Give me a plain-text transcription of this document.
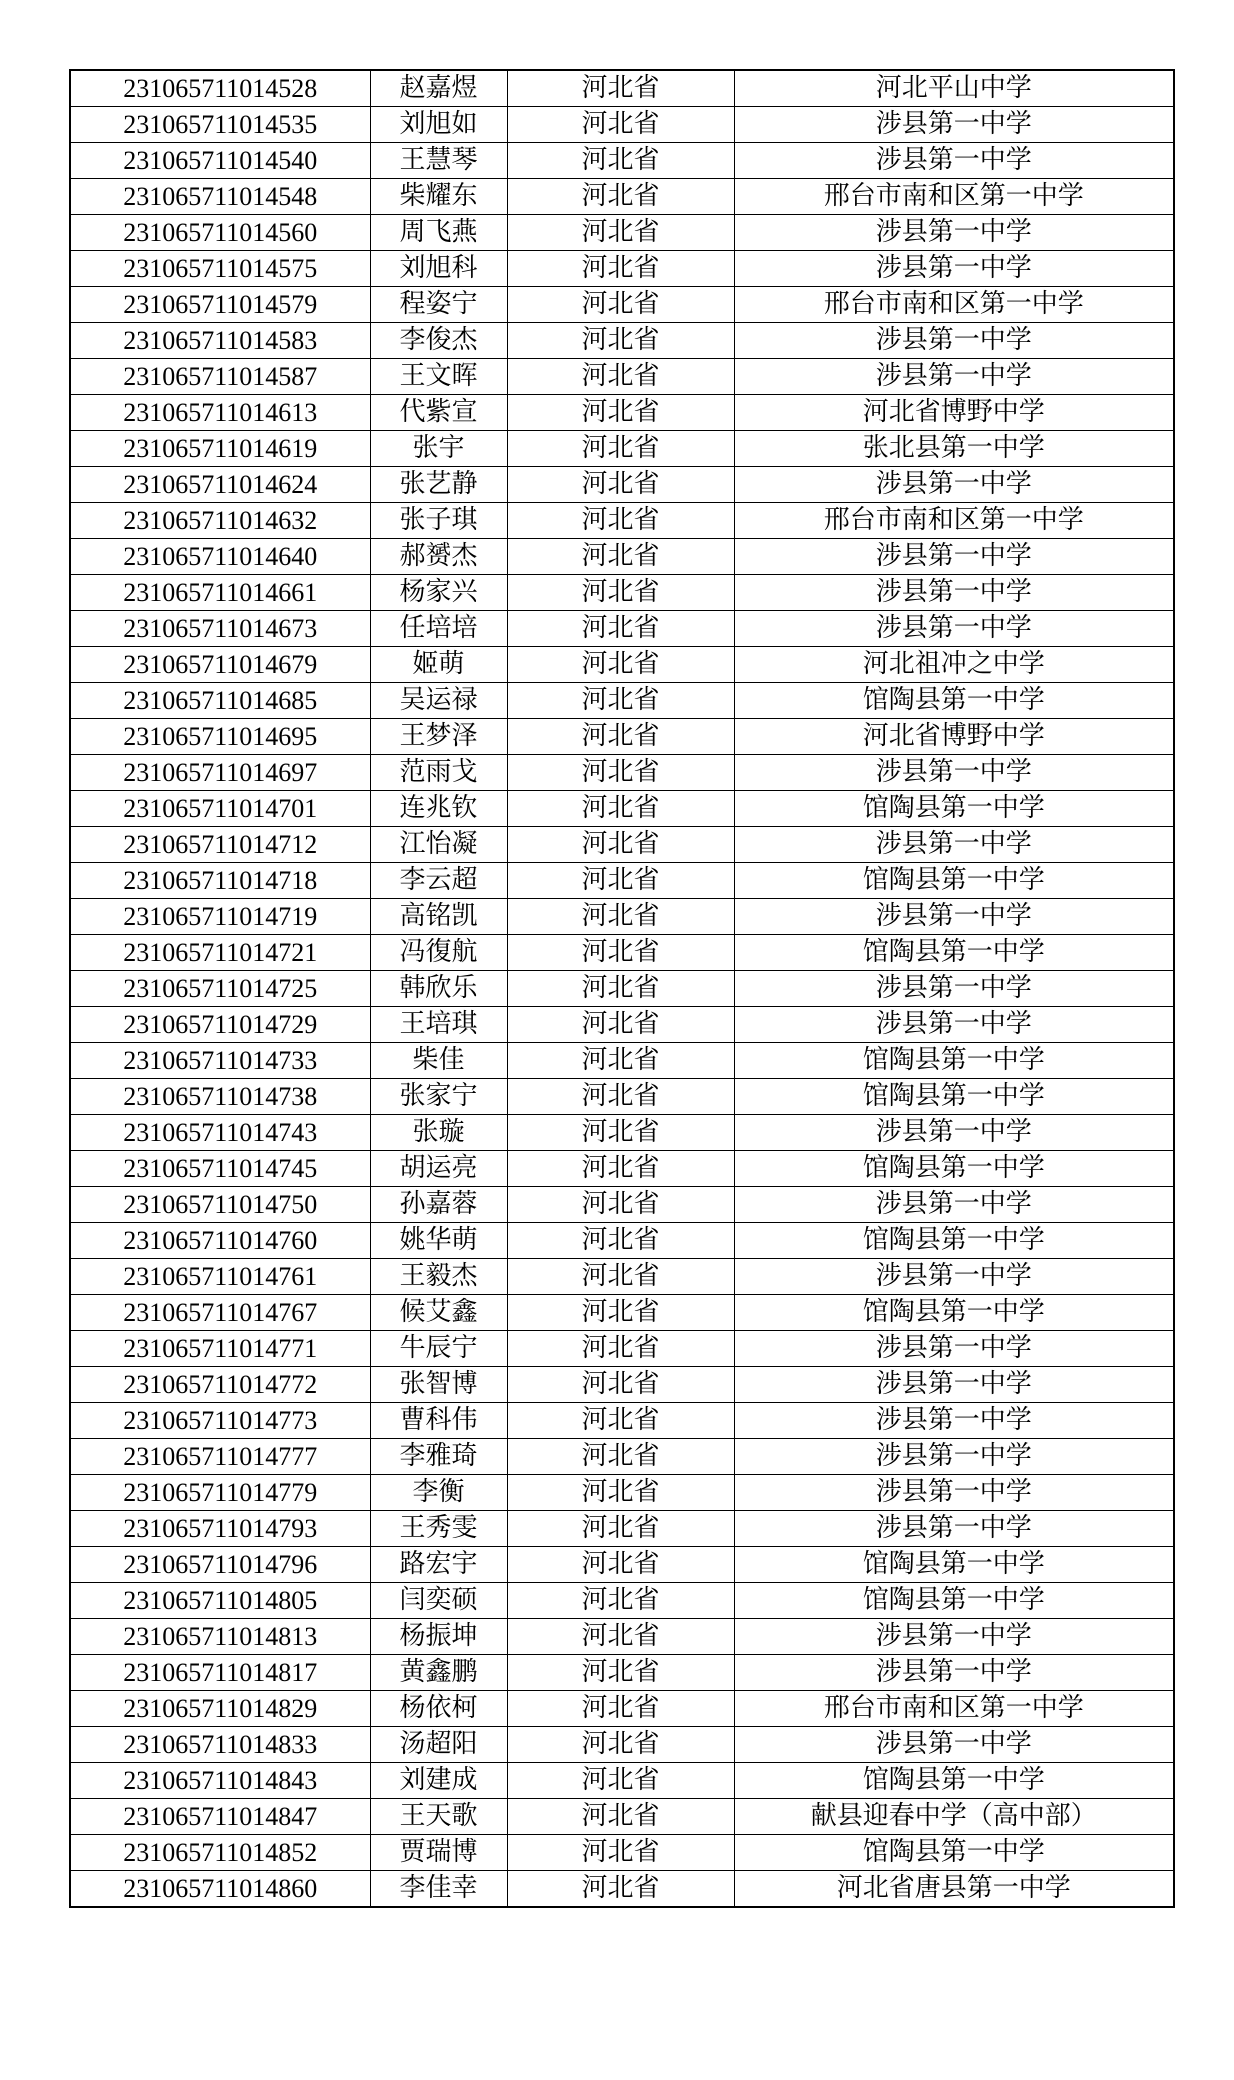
231065711014528	赵嘉煜	河北省	河北平山中学
231065711014535	刘旭如	河北省	涉县第一中学
231065711014540	王慧琴	河北省	涉县第一中学
231065711014548	柴耀东	河北省	邢台市南和区第一中学
231065711014560	周飞燕	河北省	涉县第一中学
231065711014575	刘旭科	河北省	涉县第一中学
231065711014579	程姿宁	河北省	邢台市南和区第一中学
231065711014583	李俊杰	河北省	涉县第一中学
231065711014587	王文晖	河北省	涉县第一中学
231065711014613	代紫宣	河北省	河北省博野中学
231065711014619	张宇	河北省	张北县第一中学
231065711014624	张艺静	河北省	涉县第一中学
231065711014632	张子琪	河北省	邢台市南和区第一中学
231065711014640	郝赟杰	河北省	涉县第一中学
231065711014661	杨家兴	河北省	涉县第一中学
231065711014673	任培培	河北省	涉县第一中学
231065711014679	姬萌	河北省	河北祖冲之中学
231065711014685	吴运禄	河北省	馆陶县第一中学
231065711014695	王梦泽	河北省	河北省博野中学
231065711014697	范雨戈	河北省	涉县第一中学
231065711014701	连兆钦	河北省	馆陶县第一中学
231065711014712	江怡凝	河北省	涉县第一中学
231065711014718	李云超	河北省	馆陶县第一中学
231065711014719	高铭凯	河北省	涉县第一中学
231065711014721	冯復航	河北省	馆陶县第一中学
231065711014725	韩欣乐	河北省	涉县第一中学
231065711014729	王培琪	河北省	涉县第一中学
231065711014733	柴佳	河北省	馆陶县第一中学
231065711014738	张家宁	河北省	馆陶县第一中学
231065711014743	张璇	河北省	涉县第一中学
231065711014745	胡运亮	河北省	馆陶县第一中学
231065711014750	孙嘉蓉	河北省	涉县第一中学
231065711014760	姚华萌	河北省	馆陶县第一中学
231065711014761	王毅杰	河北省	涉县第一中学
231065711014767	候艾鑫	河北省	馆陶县第一中学
231065711014771	牛辰宁	河北省	涉县第一中学
231065711014772	张智博	河北省	涉县第一中学
231065711014773	曹科伟	河北省	涉县第一中学
231065711014777	李雅琦	河北省	涉县第一中学
231065711014779	李衡	河北省	涉县第一中学
231065711014793	王秀雯	河北省	涉县第一中学
231065711014796	路宏宇	河北省	馆陶县第一中学
231065711014805	闫奕硕	河北省	馆陶县第一中学
231065711014813	杨振坤	河北省	涉县第一中学
231065711014817	黄鑫鹏	河北省	涉县第一中学
231065711014829	杨依柯	河北省	邢台市南和区第一中学
231065711014833	汤超阳	河北省	涉县第一中学
231065711014843	刘建成	河北省	馆陶县第一中学
231065711014847	王天歌	河北省	献县迎春中学（高中部）
231065711014852	贾瑞博	河北省	馆陶县第一中学
231065711014860	李佳幸	河北省	河北省唐县第一中学
